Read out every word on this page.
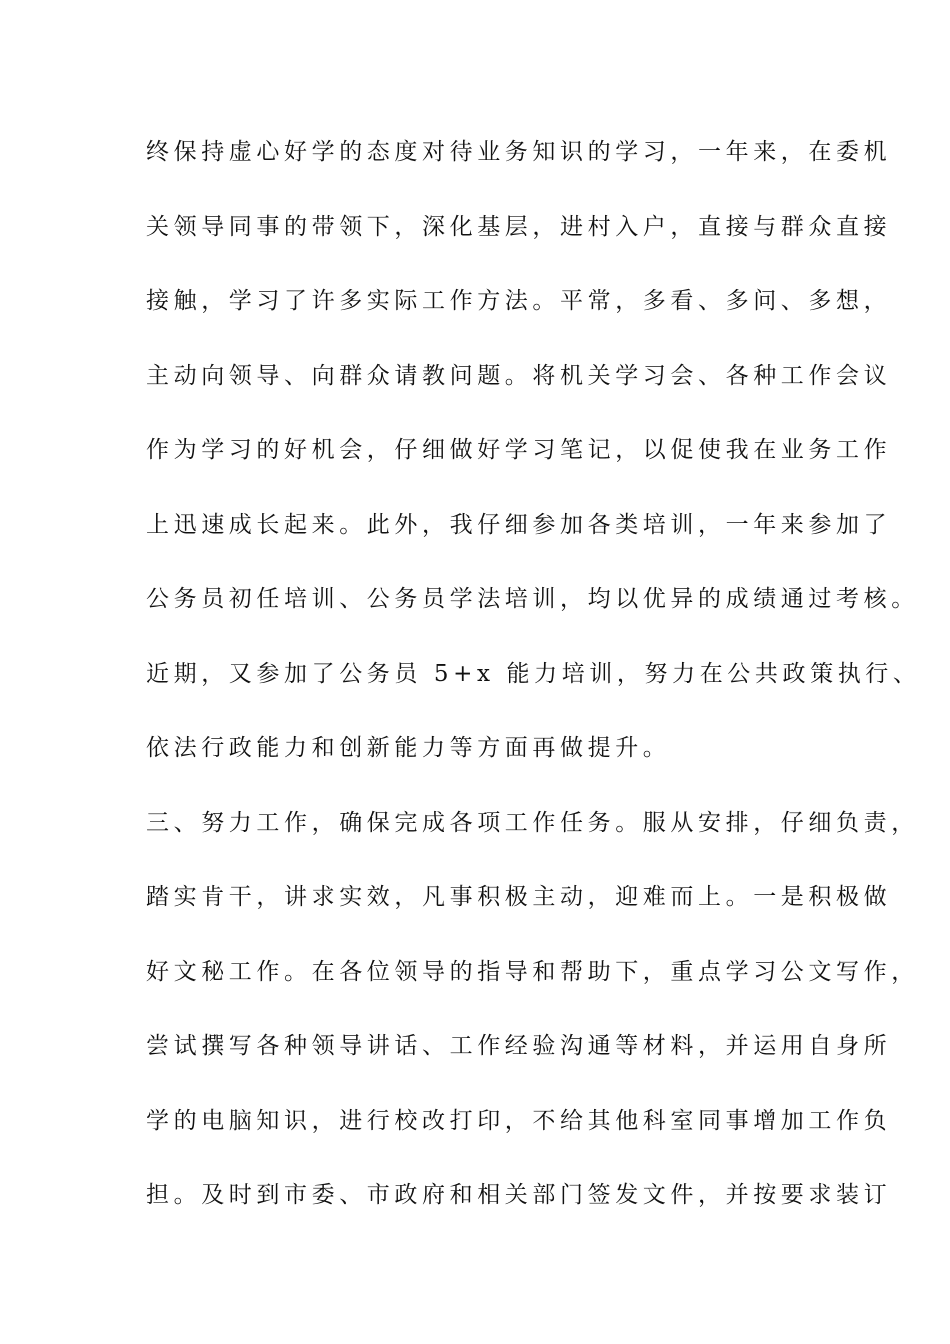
终保持虚心好学的态度对待业务知识的学习，一年来，在委机
关领导同事的带领下，深化基层，进村入户，直接与群众直接
接触，学习了许多实际工作方法。平常，多看、多问、多想，
主动向领导、向群众请教问题。将机关学习会、各种工作会议
作为学习的好机会，仔细做好学习笔记，以促使我在业务工作
上迅速成长起来。此外，我仔细参加各类培训，一年来参加了
公务员初任培训、公务员学法培训，均以优异的成绩通过考核。
近期，又参加了公务员 5+x 能力培训，努力在公共政策执行、
依法行政能力和创新能力等方面再做提升。
三、努力工作，确保完成各项工作任务。服从安排，仔细负责，
踏实肯干，讲求实效，凡事积极主动，迎难而上。一是积极做
好文秘工作。在各位领导的指导和帮助下，重点学习公文写作，
尝试撰写各种领导讲话、工作经验沟通等材料，并运用自身所
学的电脑知识，进行校改打印，不给其他科室同事增加工作负
担。及时到市委、市政府和相关部门签发文件，并按要求装订
